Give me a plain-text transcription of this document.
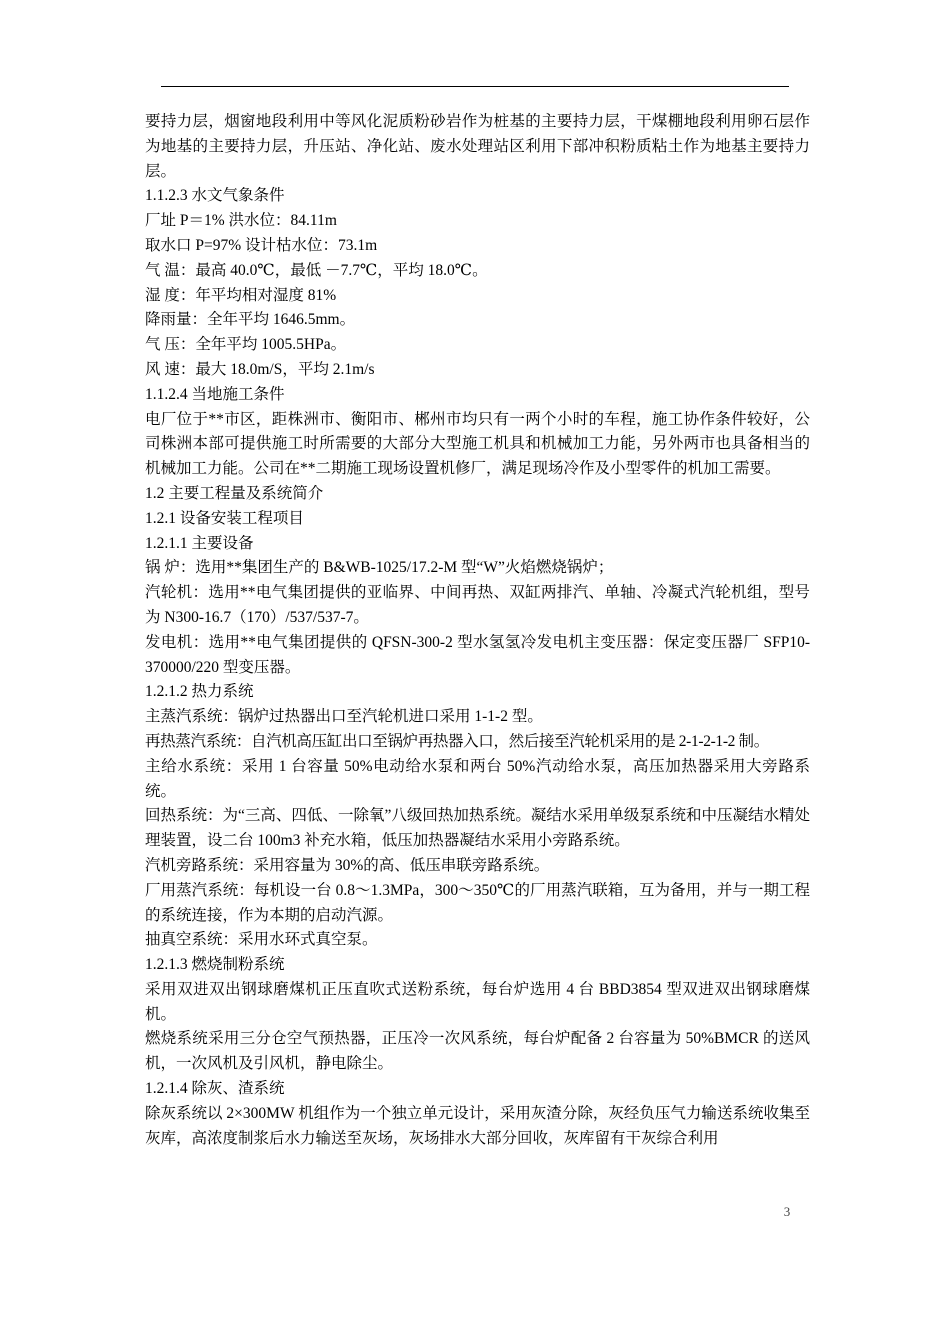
要持力层，烟窗地段利用中等风化泥质粉砂岩作为桩基的主要持力层，干煤棚地段利用卵石层作为地基的主要持力层，升压站、净化站、废水处理站区利用下部冲积粉质粘土作为地基主要持力层。

1.1.2.3 水文气象条件

厂址 P＝1% 洪水位：84.11m

取水口 P=97% 设计枯水位：73.1m

气 温：最高 40.0℃，最低 －7.7℃，平均 18.0℃。

湿 度：年平均相对湿度 81%

降雨量：全年平均 1646.5mm。

气 压：全年平均 1005.5HPa。

风 速：最大 18.0m/S，平均 2.1m/s

1.1.2.4 当地施工条件

电厂位于**市区，距株洲市、衡阳市、郴州市均只有一两个小时的车程，施工协作条件较好，公司株洲本部可提供施工时所需要的大部分大型施工机具和机械加工力能，另外两市也具备相当的机械加工力能。公司在**二期施工现场设置机修厂，满足现场冷作及小型零件的机加工需要。

1.2 主要工程量及系统简介

1.2.1 设备安装工程项目

1.2.1.1 主要设备

锅 炉：选用**集团生产的 B&WB-1025/17.2-M 型“W”火焰燃烧锅炉；

汽轮机：选用**电气集团提供的亚临界、中间再热、双缸两排汽、单轴、冷凝式汽轮机组，型号为 N300-16.7（170）/537/537-7。

发电机：选用**电气集团提供的 QFSN-300-2 型水氢氢冷发电机主变压器：保定变压器厂 SFP10-370000/220 型变压器。

1.2.1.2 热力系统

主蒸汽系统：锅炉过热器出口至汽轮机进口采用 1-1-2 型。

再热蒸汽系统：自汽机高压缸出口至锅炉再热器入口，然后接至汽轮机采用的是 2-1-2-1-2 制。

主给水系统：采用 1 台容量 50%电动给水泵和两台 50%汽动给水泵，高压加热器采用大旁路系统。

回热系统：为“三高、四低、一除氧”八级回热加热系统。凝结水采用单级泵系统和中压凝结水精处理装置，设二台 100m3 补充水箱，低压加热器凝结水采用小旁路系统。

汽机旁路系统：采用容量为 30%的高、低压串联旁路系统。

厂用蒸汽系统：每机设一台 0.8～1.3MPa，300～350℃的厂用蒸汽联箱，互为备用，并与一期工程的系统连接，作为本期的启动汽源。

抽真空系统：采用水环式真空泵。

1.2.1.3 燃烧制粉系统

采用双进双出钢球磨煤机正压直吹式送粉系统，每台炉选用 4 台 BBD3854 型双进双出钢球磨煤机。

燃烧系统采用三分仓空气预热器，正压冷一次风系统，每台炉配备 2 台容量为 50%BMCR 的送风机，一次风机及引风机，静电除尘。

1.2.1.4 除灰、渣系统

除灰系统以 2×300MW 机组作为一个独立单元设计，采用灰渣分除，灰经负压气力输送系统收集至灰库，高浓度制浆后水力输送至灰场，灰场排水大部分回收，灰库留有干灰综合利用

3
